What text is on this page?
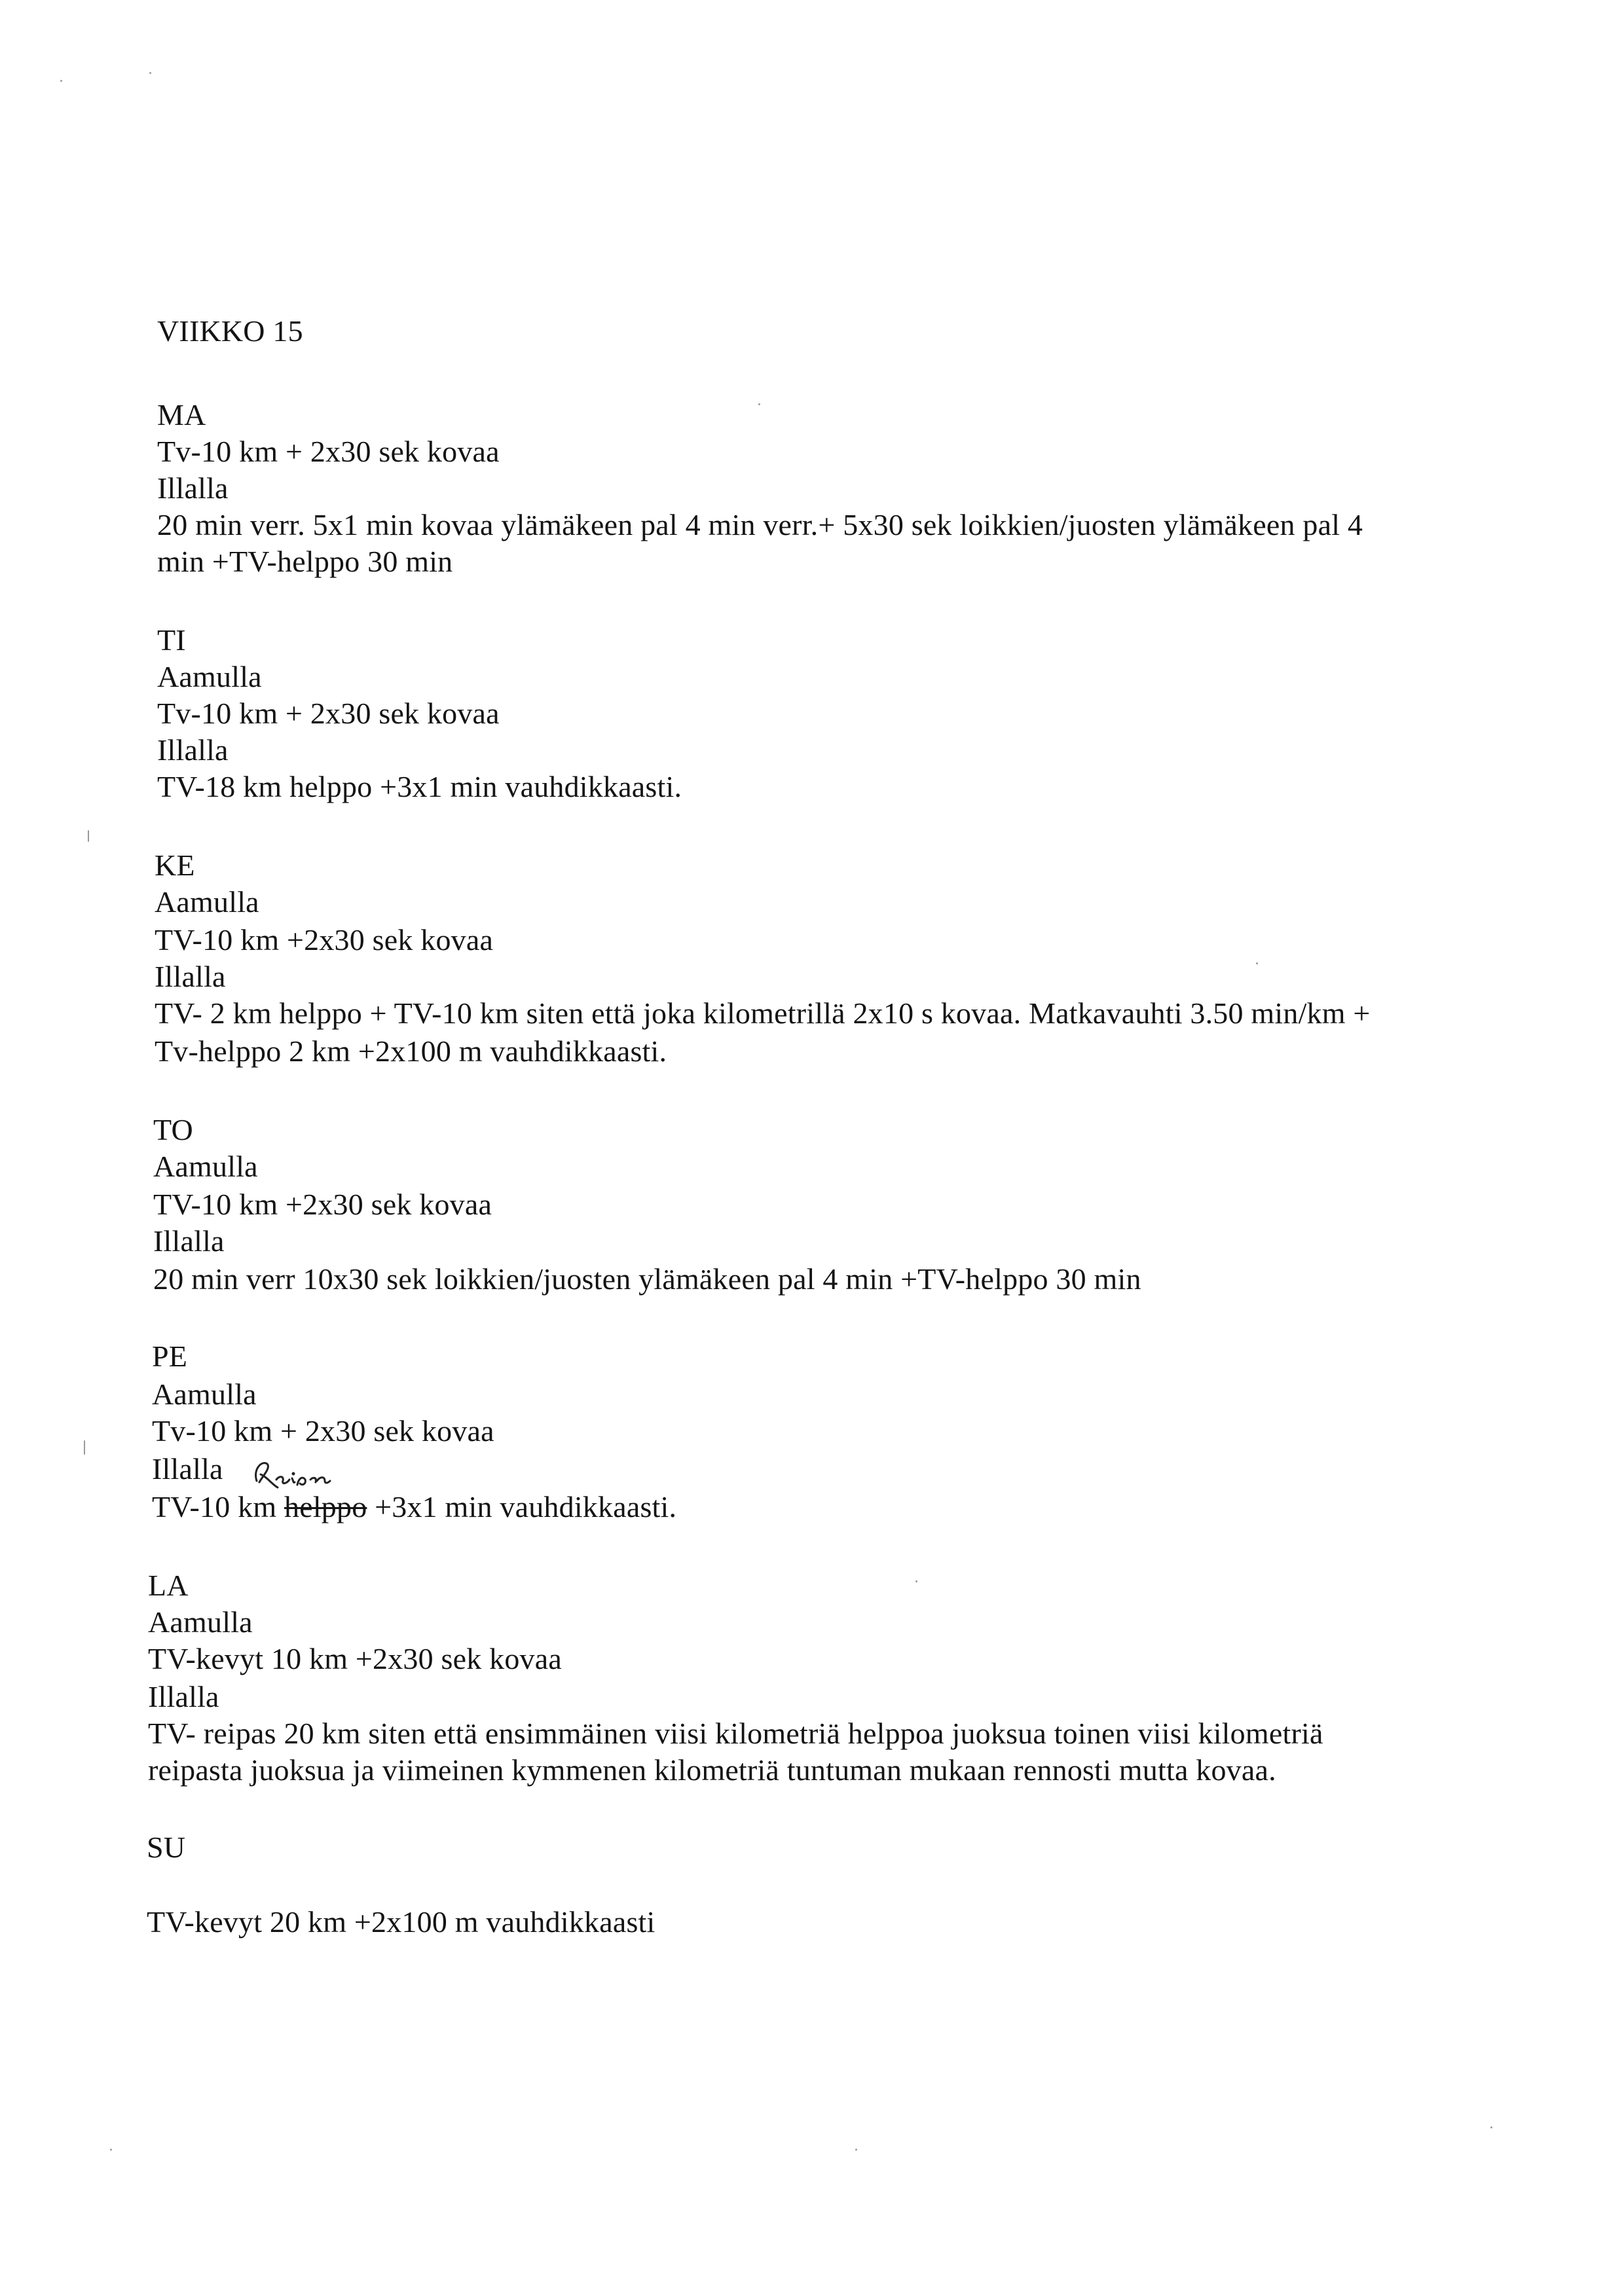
VIIKKO 15
MA
Tv-10 km + 2x30 sek kovaa
Illalla
20 min verr. 5x1 min kovaa ylämäkeen pal 4 min verr.+ 5x30 sek loikkien/juosten ylämäkeen pal 4
min +TV-helppo 30 min
TI
Aamulla
Tv-10 km + 2x30 sek kovaa
Illalla
TV-18 km helppo +3x1 min vauhdikkaasti.
KE
Aamulla
TV-10 km +2x30 sek kovaa
Illalla
TV- 2 km helppo + TV-10 km siten että joka kilometrillä 2x10 s kovaa. Matkavauhti 3.50 min/km +
Tv-helppo 2 km +2x100 m vauhdikkaasti.
TO
Aamulla
TV-10 km +2x30 sek kovaa
Illalla
20 min verr 10x30 sek loikkien/juosten ylämäkeen pal 4 min +TV-helppo 30 min
PE
Aamulla
Tv-10 km + 2x30 sek kovaa
Illalla
TV-10 km helppo +3x1 min vauhdikkaasti.
LA
Aamulla
TV-kevyt 10 km +2x30 sek kovaa
Illalla
TV- reipas 20 km siten että ensimmäinen viisi kilometriä helppoa juoksua toinen viisi kilometriä
reipasta juoksua ja viimeinen kymmenen kilometriä tuntuman mukaan rennosti mutta kovaa.
SU
TV-kevyt 20 km +2x100 m vauhdikkaasti
